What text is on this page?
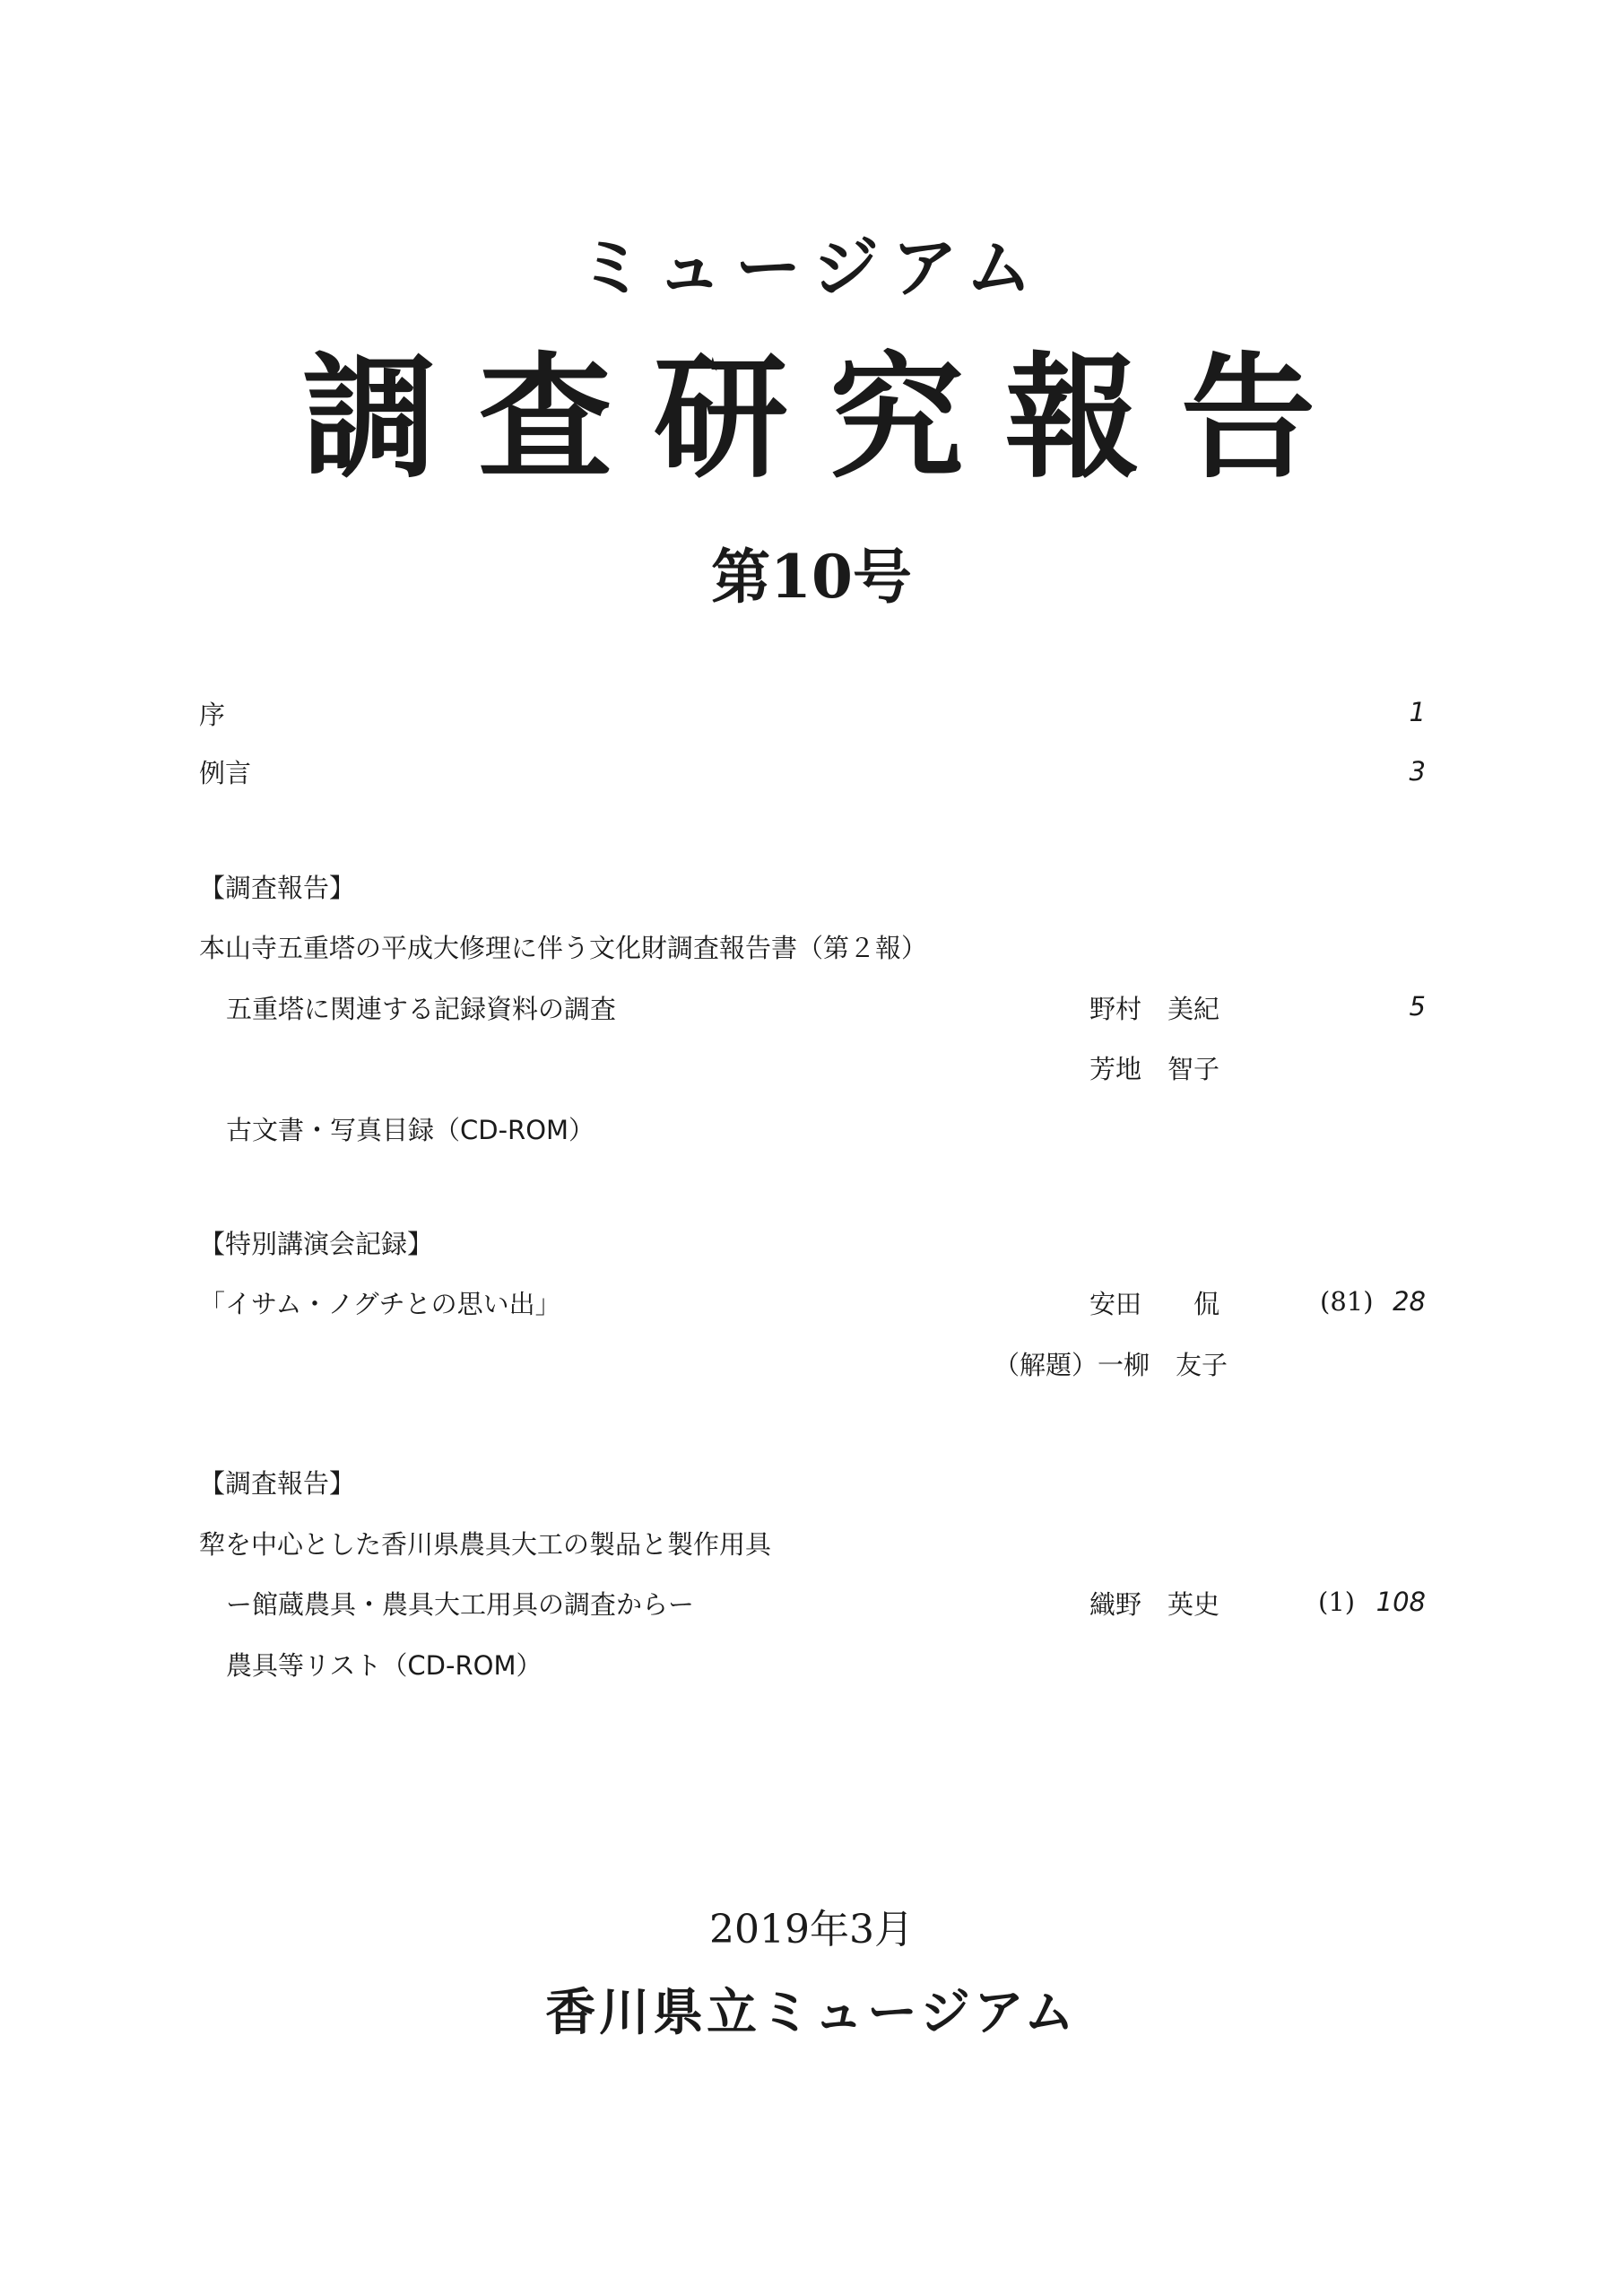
ミュージアム
調査研究報告
第10号
序	1
例言	3
【調査報告】
本山寺五重塔の平成大修理に伴う文化財調査報告書（第２報）
五重塔に関連する記録資料の調査	野村　美紀	5
芳地　智子
古文書・写真目録（CD-ROM）
【特別講演会記録】
「イサム・ノグチとの思い出」	安田　　侃	(81) 28
（解題）一柳　友子
【調査報告】
犂を中心とした香川県農具大工の製品と製作用具
ー館蔵農具・農具大工用具の調査からー	織野　英史	(1) 108
農具等リスト（CD-ROM）
2019年3月
香川県立ミュージアム
